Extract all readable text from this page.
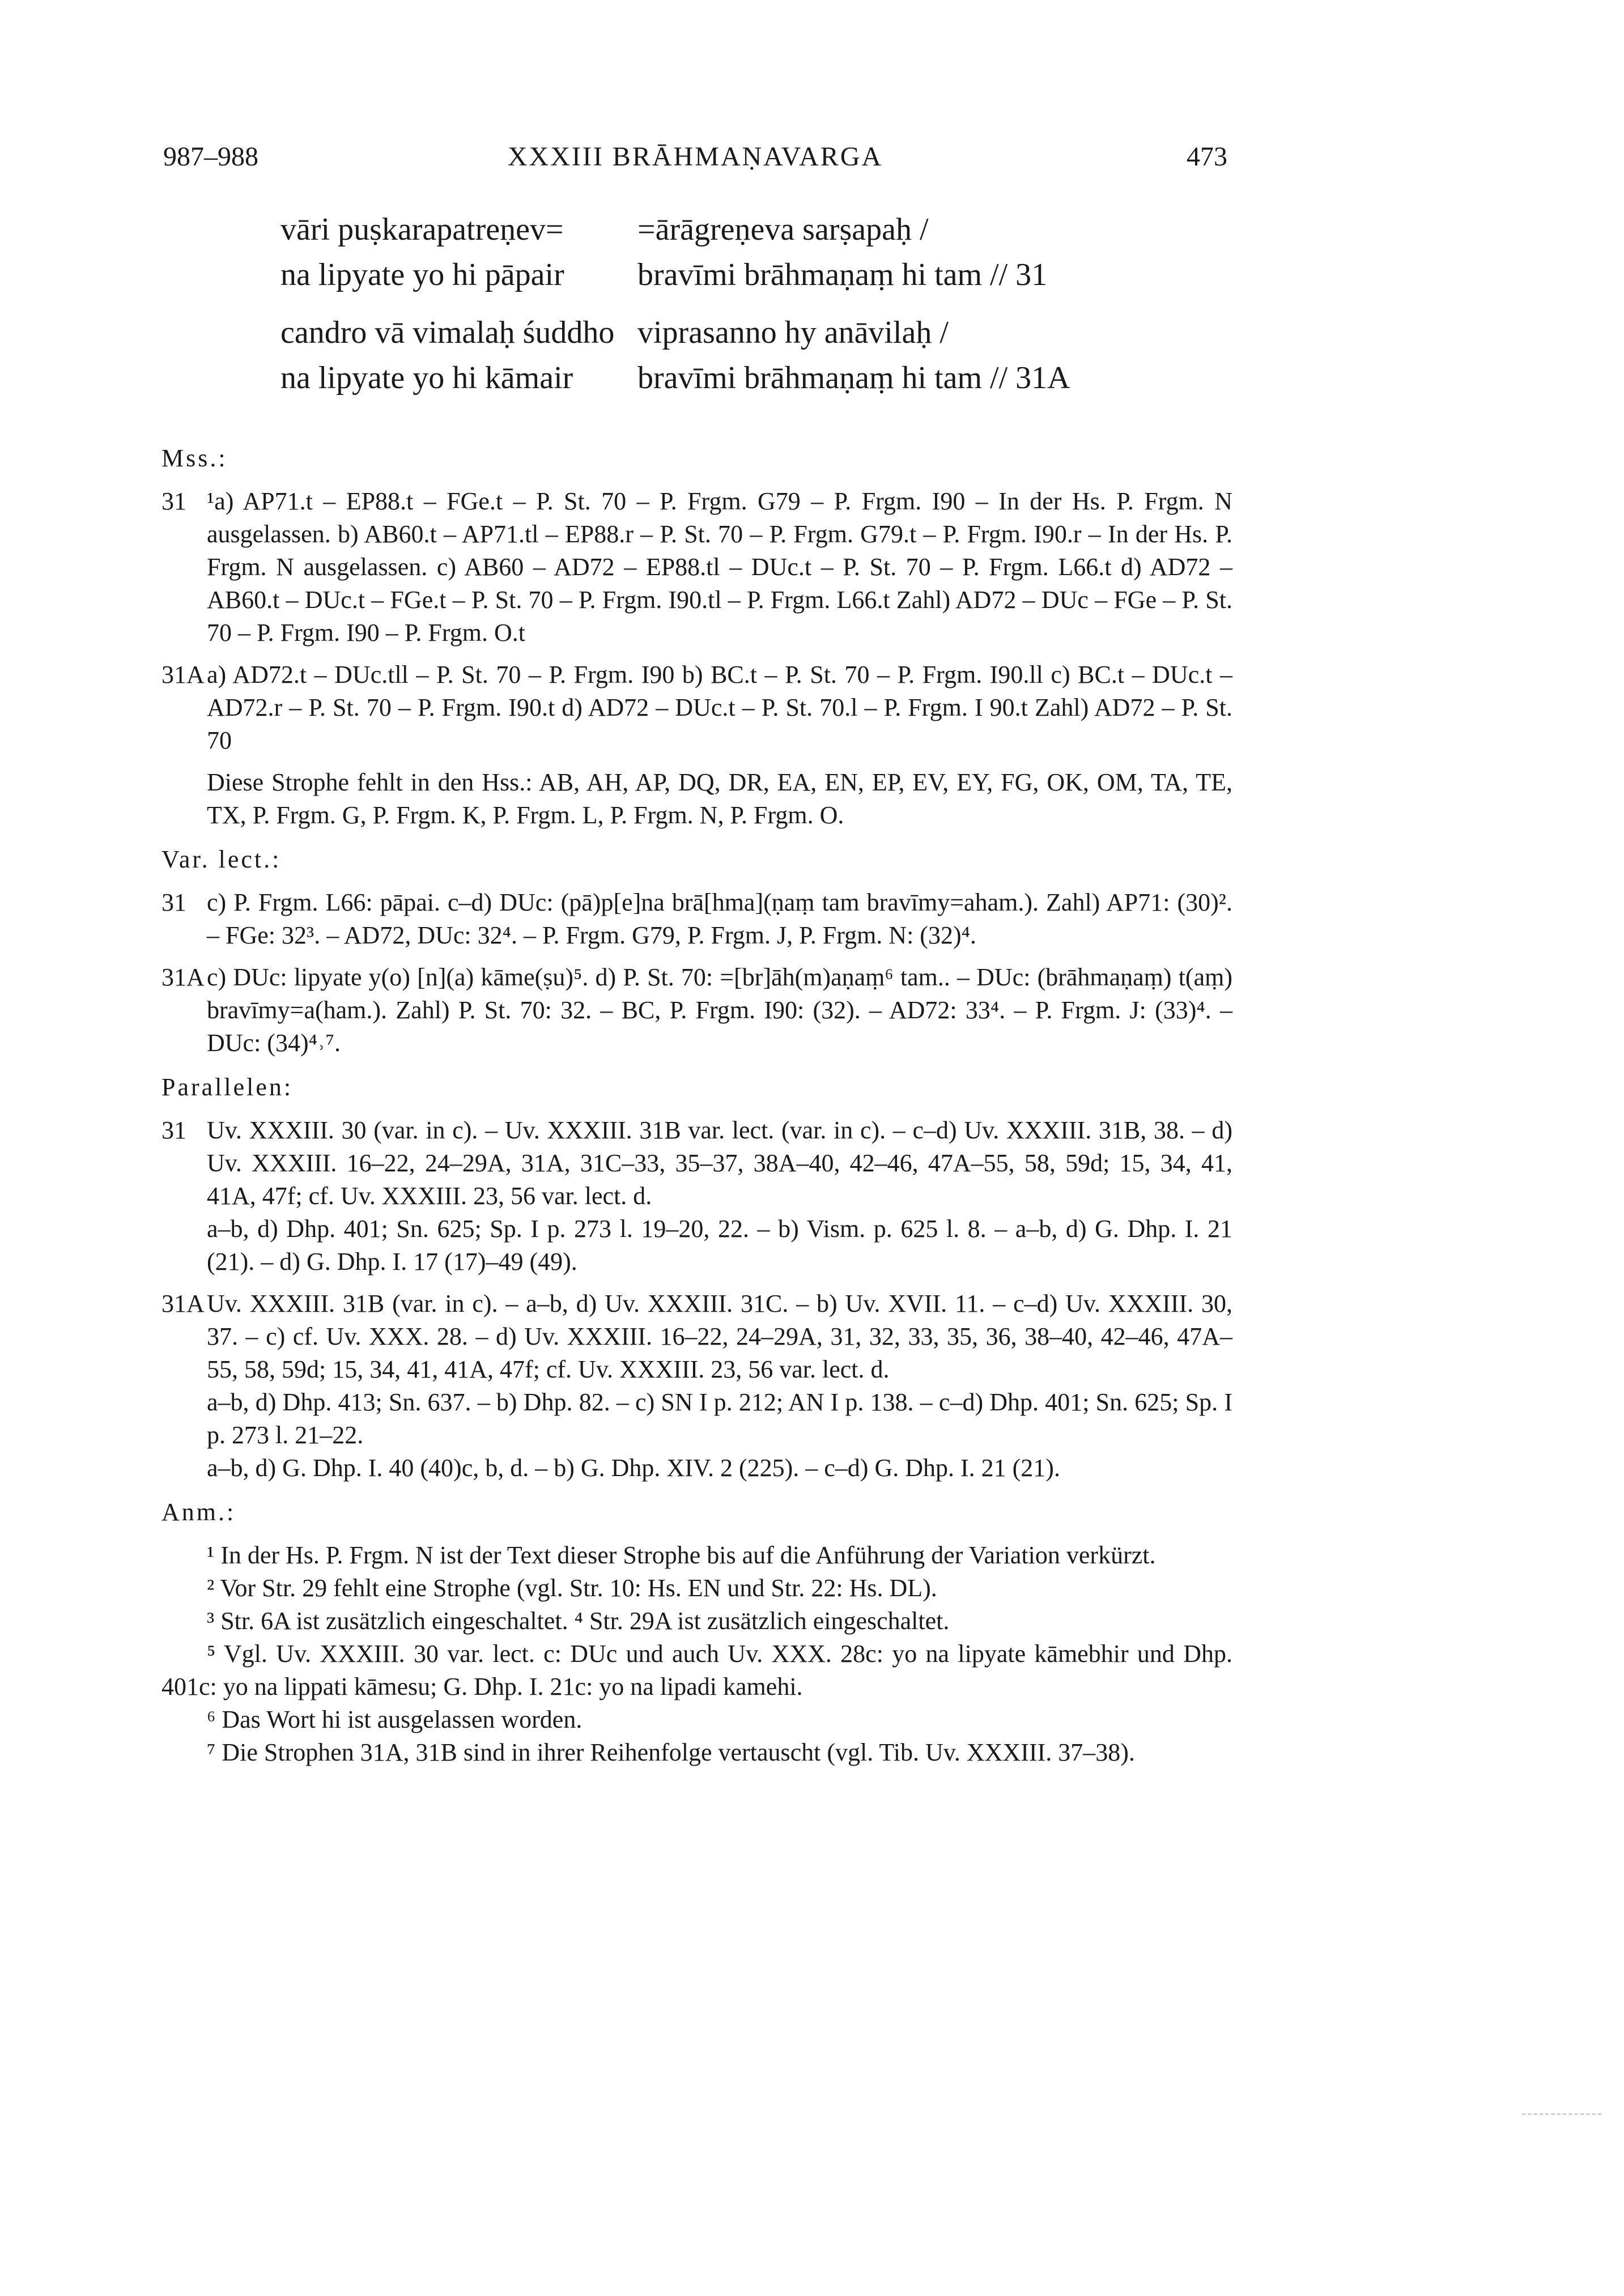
987–988	XXXIII BRĀHMAṆAVARGA	473
vāri puṣkarapatreṇev= =ārāgreṇeva sarṣapaḥ /
na lipyate yo hi pāpair bravīmi brāhmaṇaṃ hi tam // 31
candro vā vimalaḥ śuddho viprasanno hy anāvilaḥ /
na lipyate yo hi kāmair bravīmi brāhmaṇaṃ hi tam // 31A
Mss.:
31 ¹a) AP71.t – EP88.t – FGe.t – P. St. 70 – P. Frgm. G79 – P. Frgm. I90 – In der Hs. P. Frgm. N ausgelassen. b) AB60.t – AP71.tl – EP88.r – P. St. 70 – P. Frgm. G79.t – P. Frgm. I90.r – In der Hs. P. Frgm. N ausgelassen. c) AB60 – AD72 – EP88.tl – DUc.t – P. St. 70 – P. Frgm. L66.t d) AD72 – AB60.t – DUc.t – FGe.t – P. St. 70 – P. Frgm. I90.tl – P. Frgm. L66.t Zahl) AD72 – DUc – FGe – P. St. 70 – P. Frgm. I90 – P. Frgm. O.t
31A a) AD72.t – DUc.tll – P. St. 70 – P. Frgm. I90 b) BC.t – P. St. 70 – P. Frgm. I90.ll c) BC.t – DUc.t – AD72.r – P. St. 70 – P. Frgm. I90.t d) AD72 – DUc.t – P. St. 70.l – P. Frgm. I 90.t Zahl) AD72 – P. St. 70
Diese Strophe fehlt in den Hss.: AB, AH, AP, DQ, DR, EA, EN, EP, EV, EY, FG, OK, OM, TA, TE, TX, P. Frgm. G, P. Frgm. K, P. Frgm. L, P. Frgm. N, P. Frgm. O.
Var. lect.:
31 c) P. Frgm. L66: pāpai. c–d) DUc: (pā)p[e]na brā[hma](ṇaṃ tam bravīmy=aham.). Zahl) AP71: (30)². – FGe: 32³. – AD72, DUc: 32⁴. – P. Frgm. G79, P. Frgm. J, P. Frgm. N: (32)⁴.
31A c) DUc: lipyate y(o) [n](a) kāme(ṣu)⁵. d) P. St. 70: =[br]āh(m)aṇaṃ⁶ tam.. – DUc: (brāhmaṇaṃ) t(aṃ) bravīmy=a(ham.). Zahl) P. St. 70: 32. – BC, P. Frgm. I90: (32). – AD72: 33⁴. – P. Frgm. J: (33)⁴. – DUc: (34)⁴˒⁷.
Parallelen:
31 Uv. XXXIII. 30 (var. in c). – Uv. XXXIII. 31B var. lect. (var. in c). – c–d) Uv. XXXIII. 31B, 38. – d) Uv. XXXIII. 16–22, 24–29A, 31A, 31C–33, 35–37, 38A–40, 42–46, 47A–55, 58, 59d; 15, 34, 41, 41A, 47f; cf. Uv. XXXIII. 23, 56 var. lect. d.
a–b, d) Dhp. 401; Sn. 625; Sp. I p. 273 l. 19–20, 22. – b) Vism. p. 625 l. 8. – a–b, d) G. Dhp. I. 21 (21). – d) G. Dhp. I. 17 (17)–49 (49).
31A Uv. XXXIII. 31B (var. in c). – a–b, d) Uv. XXXIII. 31C. – b) Uv. XVII. 11. – c–d) Uv. XXXIII. 30, 37. – c) cf. Uv. XXX. 28. – d) Uv. XXXIII. 16–22, 24–29A, 31, 32, 33, 35, 36, 38–40, 42–46, 47A–55, 58, 59d; 15, 34, 41, 41A, 47f; cf. Uv. XXXIII. 23, 56 var. lect. d.
a–b, d) Dhp. 413; Sn. 637. – b) Dhp. 82. – c) SN I p. 212; AN I p. 138. – c–d) Dhp. 401; Sn. 625; Sp. I p. 273 l. 21–22.
a–b, d) G. Dhp. I. 40 (40)c, b, d. – b) G. Dhp. XIV. 2 (225). – c–d) G. Dhp. I. 21 (21).
Anm.:
¹ In der Hs. P. Frgm. N ist der Text dieser Strophe bis auf die Anführung der Variation verkürzt.
² Vor Str. 29 fehlt eine Strophe (vgl. Str. 10: Hs. EN und Str. 22: Hs. DL).
³ Str. 6A ist zusätzlich eingeschaltet. ⁴ Str. 29A ist zusätzlich eingeschaltet.
⁵ Vgl. Uv. XXXIII. 30 var. lect. c: DUc und auch Uv. XXX. 28c: yo na lipyate kāmebhir und Dhp. 401c: yo na lippati kāmesu; G. Dhp. I. 21c: yo na lipadi kamehi.
⁶ Das Wort hi ist ausgelassen worden.
⁷ Die Strophen 31A, 31B sind in ihrer Reihenfolge vertauscht (vgl. Tib. Uv. XXXIII. 37–38).
